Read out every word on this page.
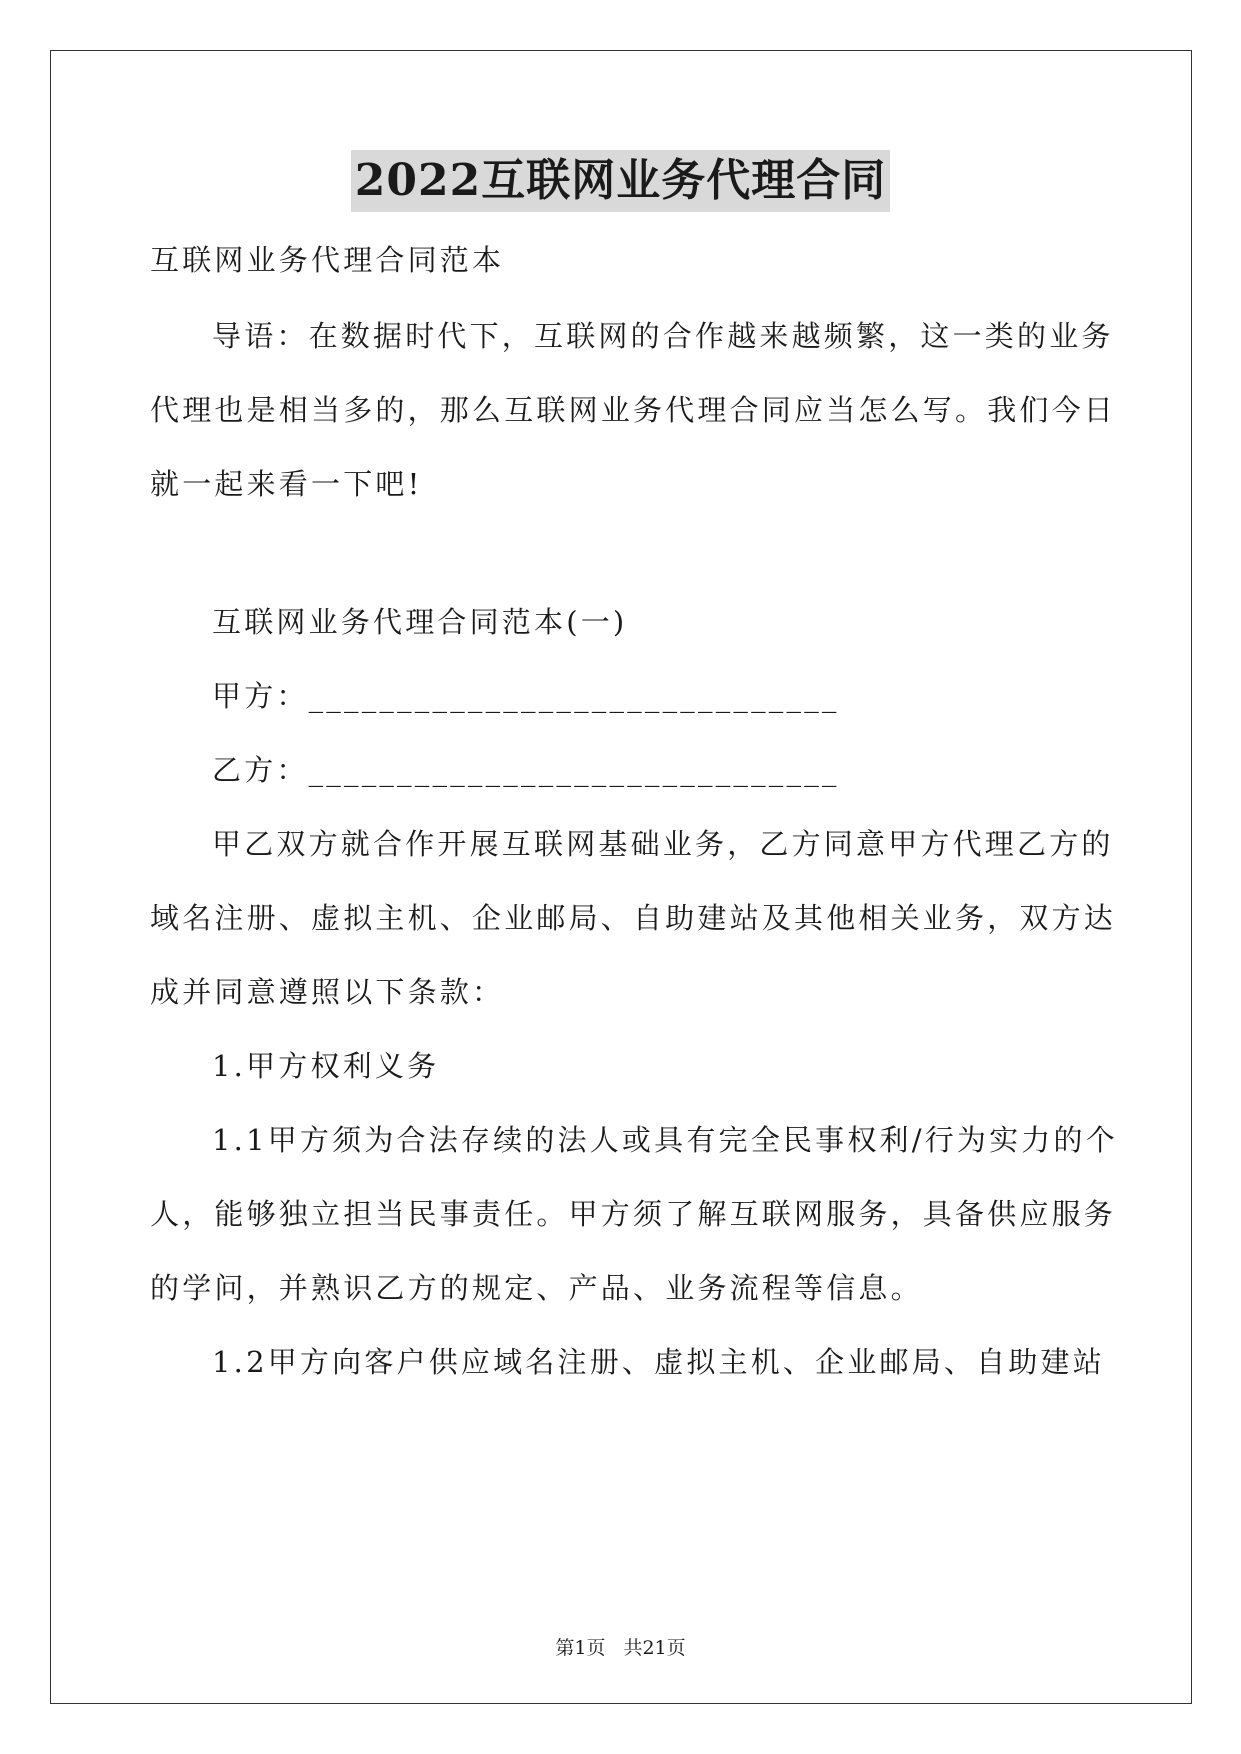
2022互联网业务代理合同
互联网业务代理合同范本
导语：在数据时代下，互联网的合作越来越频繁，这一类的业务
代理也是相当多的，那么互联网业务代理合同应当怎么写。我们今日
就一起来看一下吧!
互联网业务代理合同范本(一)
甲方：______________________________
乙方：______________________________
甲乙双方就合作开展互联网基础业务，乙方同意甲方代理乙方的
域名注册、虚拟主机、企业邮局、自助建站及其他相关业务，双方达
成并同意遵照以下条款：
1.甲方权利义务
1.1甲方须为合法存续的法人或具有完全民事权利/行为实力的个
人，能够独立担当民事责任。甲方须了解互联网服务，具备供应服务
的学问，并熟识乙方的规定、产品、业务流程等信息。
1.2甲方向客户供应域名注册、虚拟主机、企业邮局、自助建站
第1页 共21页
